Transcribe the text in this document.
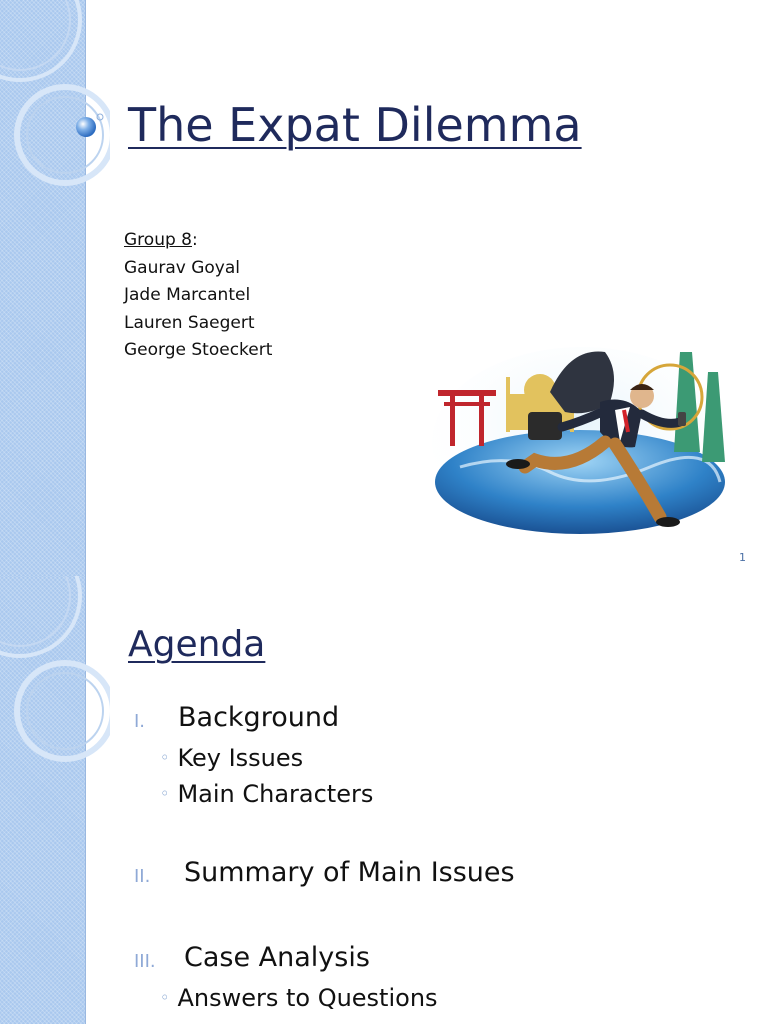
The Expat Dilemma
Group 8:
Gaurav Goyal
Jade Marcantel
Lauren Saegert
George Stoeckert
1
Agenda
I. Background
◦ Key Issues
◦ Main Characters
II. Summary of Main Issues
III. Case Analysis
◦ Answers to Questions
